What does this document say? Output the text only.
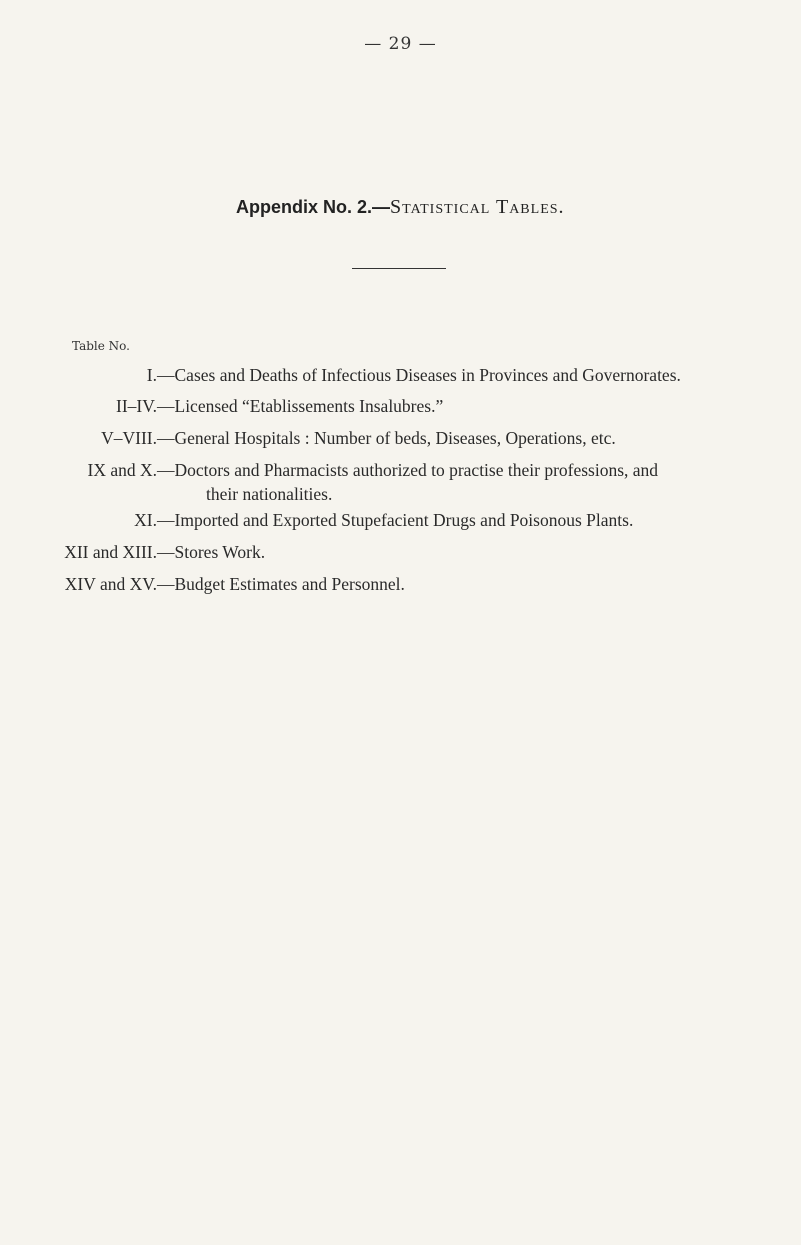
— 29 —
Appendix No. 2.—Statistical Tables.
Table No.
I. —Cases and Deaths of Infectious Diseases in Provinces and Governorates.
II–IV. —Licensed “Etablissements Insalubres.”
V–VIII. —General Hospitals : Number of beds, Diseases, Operations, etc.
IX and X. —Doctors and Pharmacists authorized to practise their professions, and
their nationalities.
XI. —Imported and Exported Stupefacient Drugs and Poisonous Plants.
XII and XIII. —Stores Work.
XIV and XV. —Budget Estimates and Personnel.
